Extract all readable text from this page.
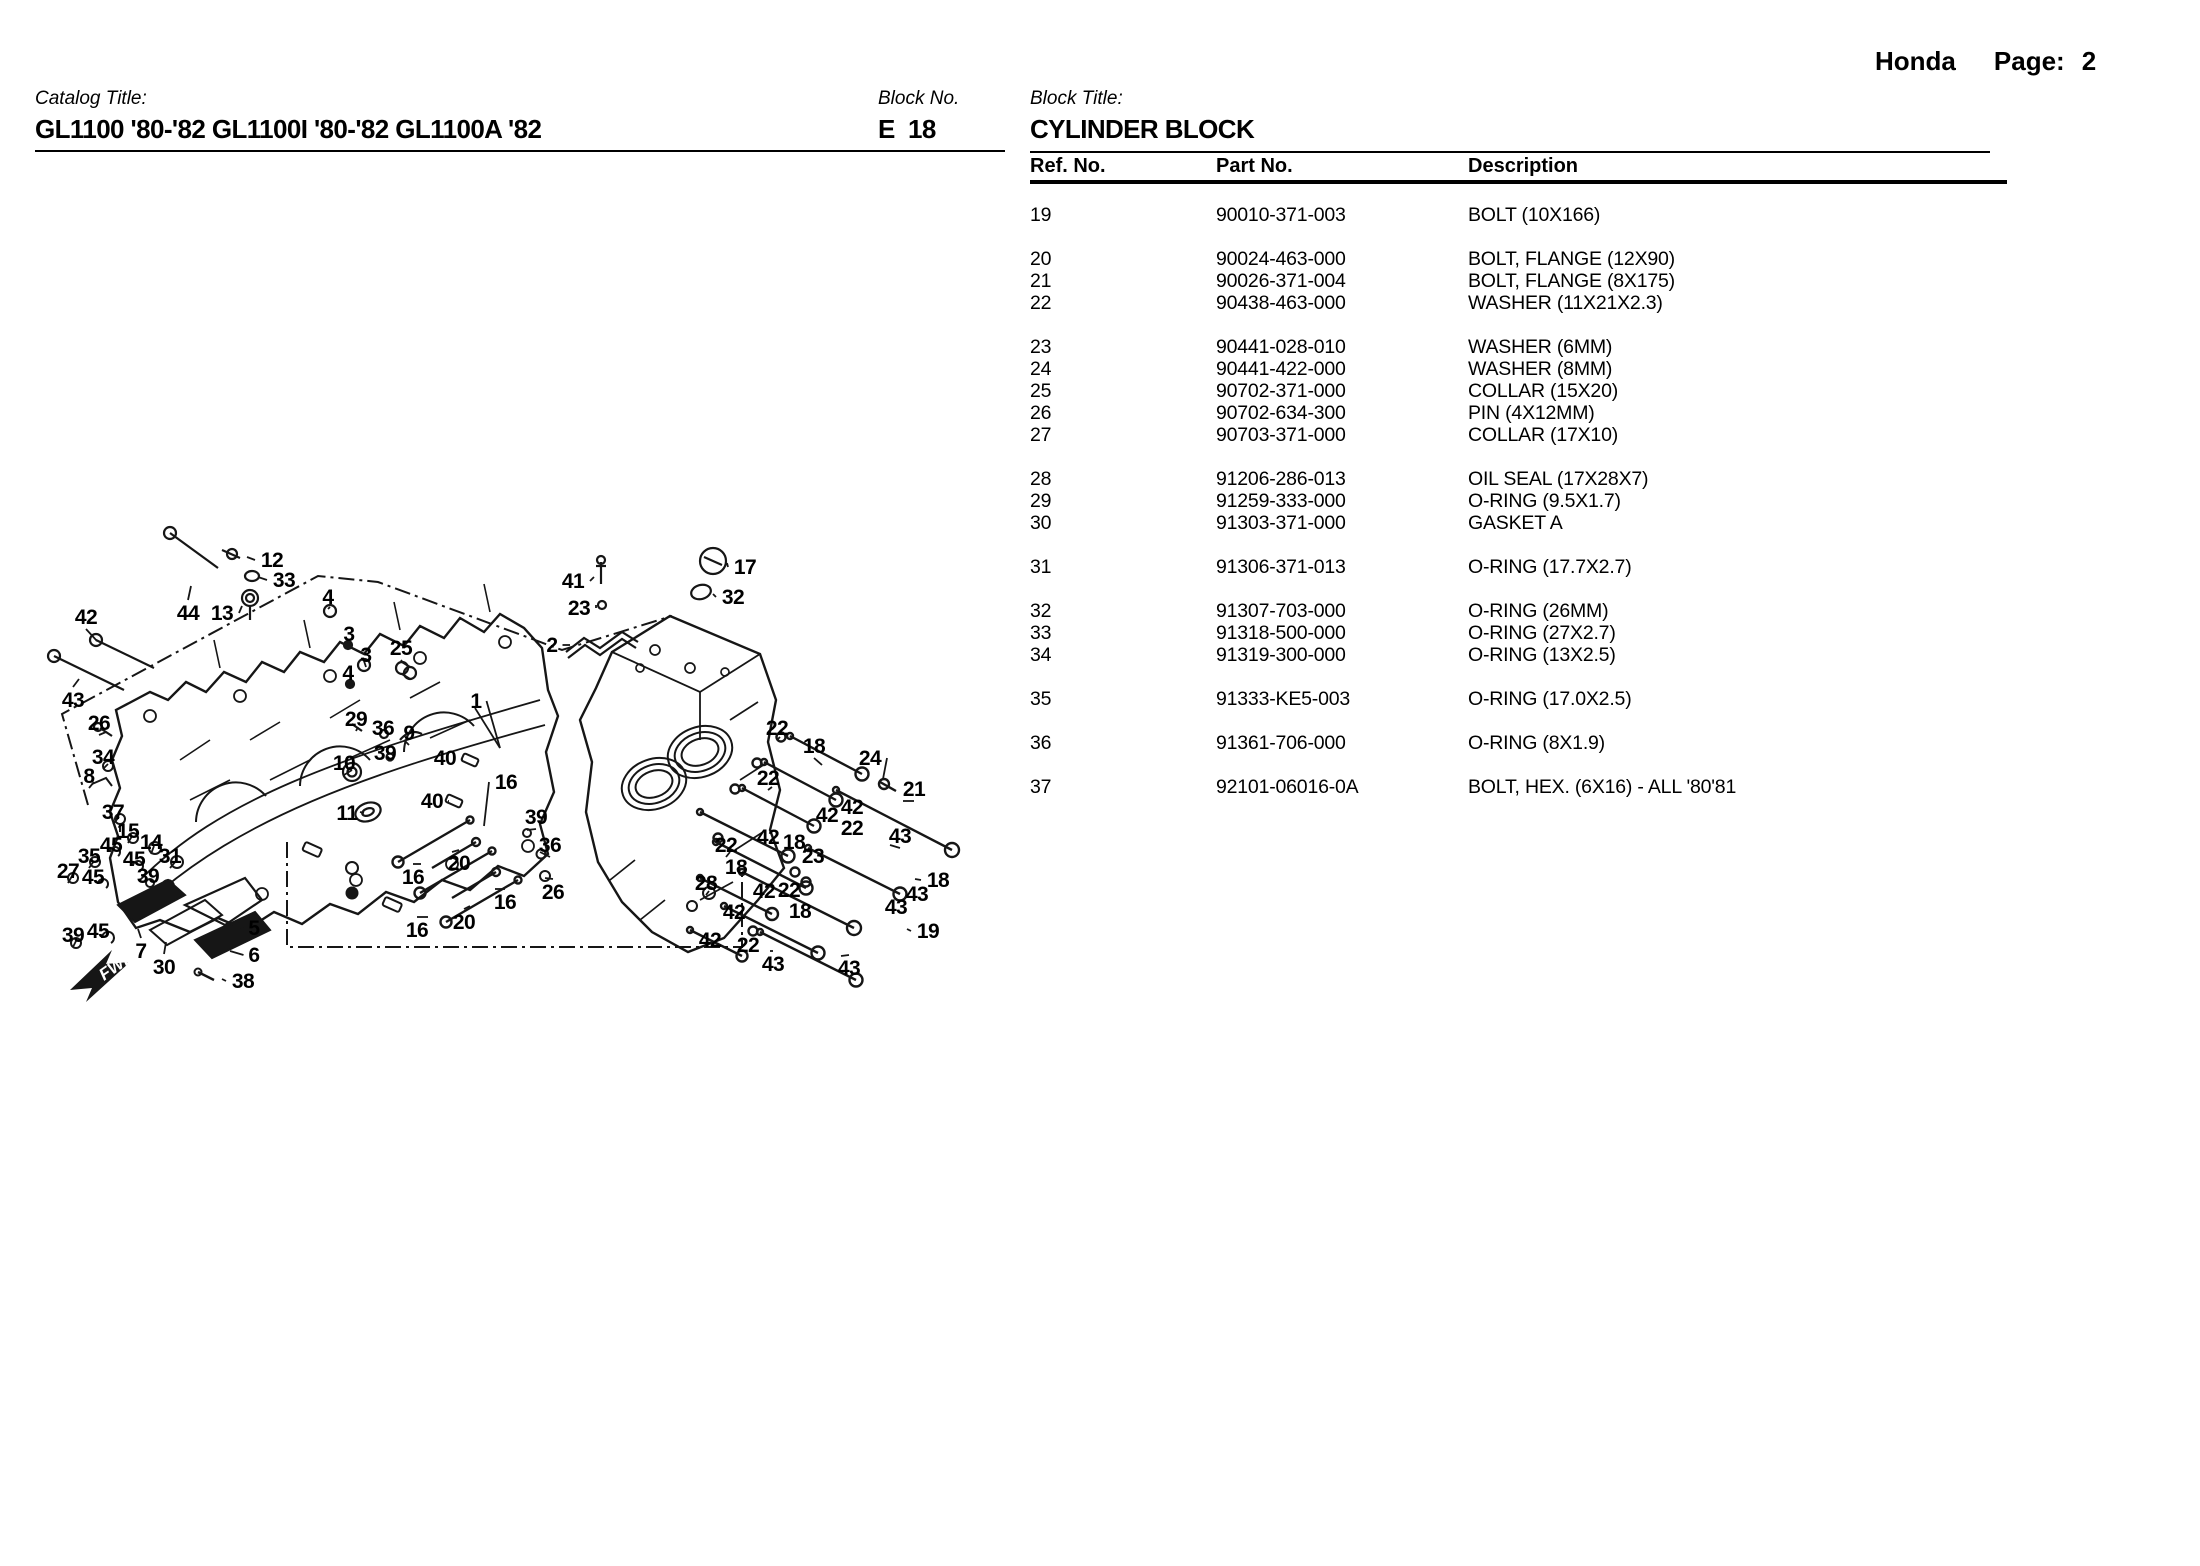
Honda Page: 2
Catalog Title:
GL1100 '80-'82 GL1100I '80-'82 GL1100A '82
Block No.
E  18
Block Title:
CYLINDER BLOCK
Ref. No.	Part No.	Description
19	90010-371-003	BOLT (10X166)
20	90024-463-000	BOLT, FLANGE (12X90)
21	90026-371-004	BOLT, FLANGE (8X175)
22	90438-463-000	WASHER (11X21X2.3)
23	90441-028-010	WASHER (6MM)
24	90441-422-000	WASHER (8MM)
25	90702-371-000	COLLAR (15X20)
26	90702-634-300	PIN (4X12MM)
27	90703-371-000	COLLAR (17X10)
28	91206-286-013	OIL SEAL (17X28X7)
29	91259-333-000	O-RING (9.5X1.7)
30	91303-371-000	GASKET A
31	91306-371-013	O-RING (17.7X2.7)
32	91307-703-000	O-RING (26MM)
33	91318-500-000	O-RING (27X2.7)
34	91319-300-000	O-RING (13X2.5)
35	91333-KE5-003	O-RING (17.0X2.5)
36	91361-706-000	O-RING (8X1.9)
37	92101-06016-0A	BOLT, HEX. (6X16) - ALL '80'81
FWD
12
33
44 13
42
43
26
4
3
3
4
29 36
39
10
11
9
40
40
16
39
36
26
20
16
16
16
20
34
8
37
15 14
31
35 45
45
27 45 39
39 45
7
30
5
6
38
1
25
41
23
2
17
32
22
18
24
21
22
42
42
42 18
22	23
22 43
18
18
42 22	43
43
42
42 22
18
19
43	43
28
